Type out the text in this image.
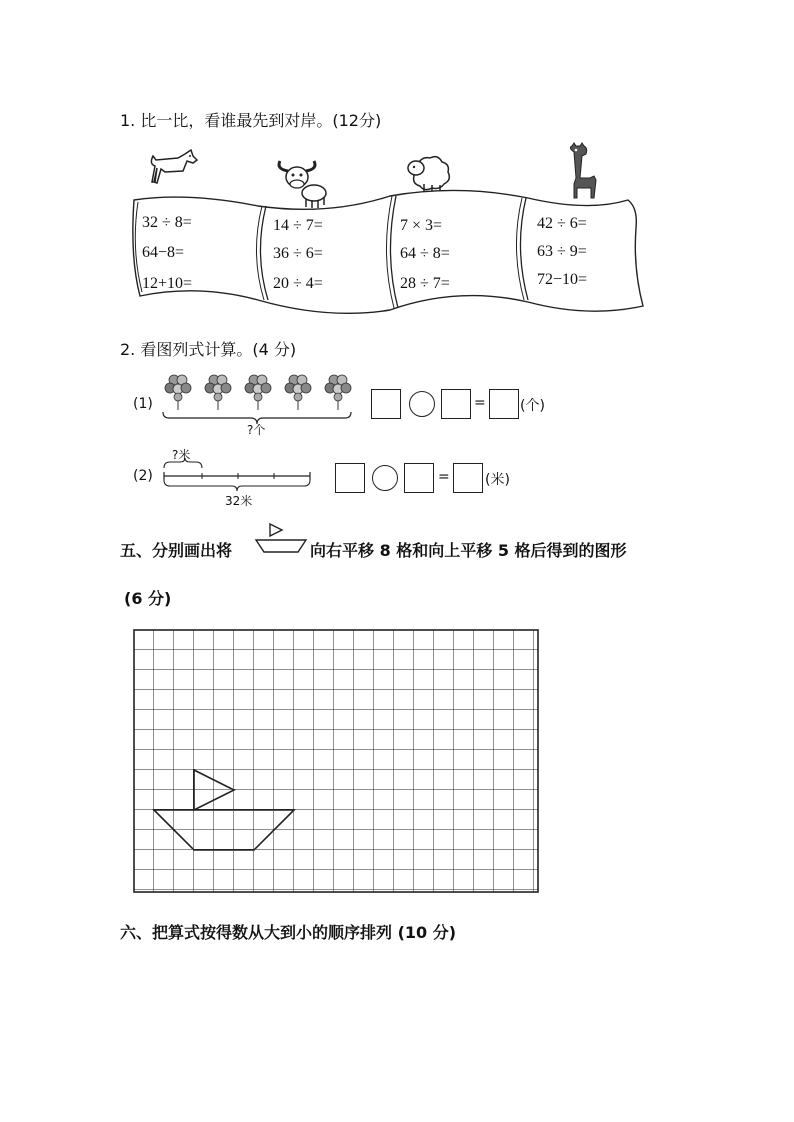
1. 比一比，看谁最先到对岸。(12分)
32 ÷ 8=
64−8=
12+10=
14 ÷ 7=
36 ÷ 6=
20 ÷ 4=
7 × 3=
64 ÷ 8=
28 ÷ 7=
42 ÷ 6=
63 ÷ 9=
72−10=
2. 看图列式计算。(4 分)
(1)
?个
= (个)
(2)
?米
32米
=	(米)
五、分别画出将	向右平移 8 格和向上平移 5 格后得到的图形
(6 分)
六、把算式按得数从大到小的顺序排列 (10 分)
